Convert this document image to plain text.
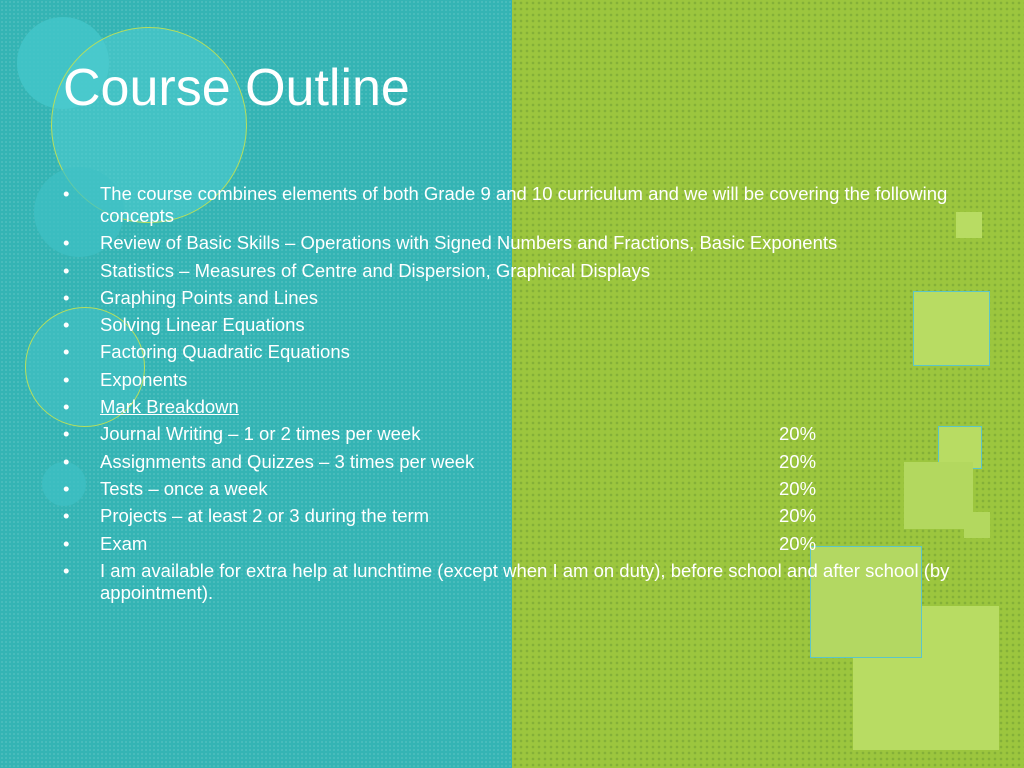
Course Outline
• The course combines elements of both Grade 9 and 10 curriculum and we will be covering the following concepts
• Review of Basic Skills – Operations with Signed Numbers and Fractions, Basic Exponents
• Statistics – Measures of Centre and Dispersion, Graphical Displays
• Graphing Points and Lines
• Solving Linear Equations
• Factoring Quadratic Equations
• Exponents
• Mark Breakdown
• Journal Writing – 1 or 2 times per week	20%
• Assignments and Quizzes – 3 times per week	20%
• Tests – once a week	20%
• Projects – at least 2 or 3 during the term	20%
• Exam	20%
• I am available for extra help at lunchtime (except when I am on duty), before school and after school (by appointment).
